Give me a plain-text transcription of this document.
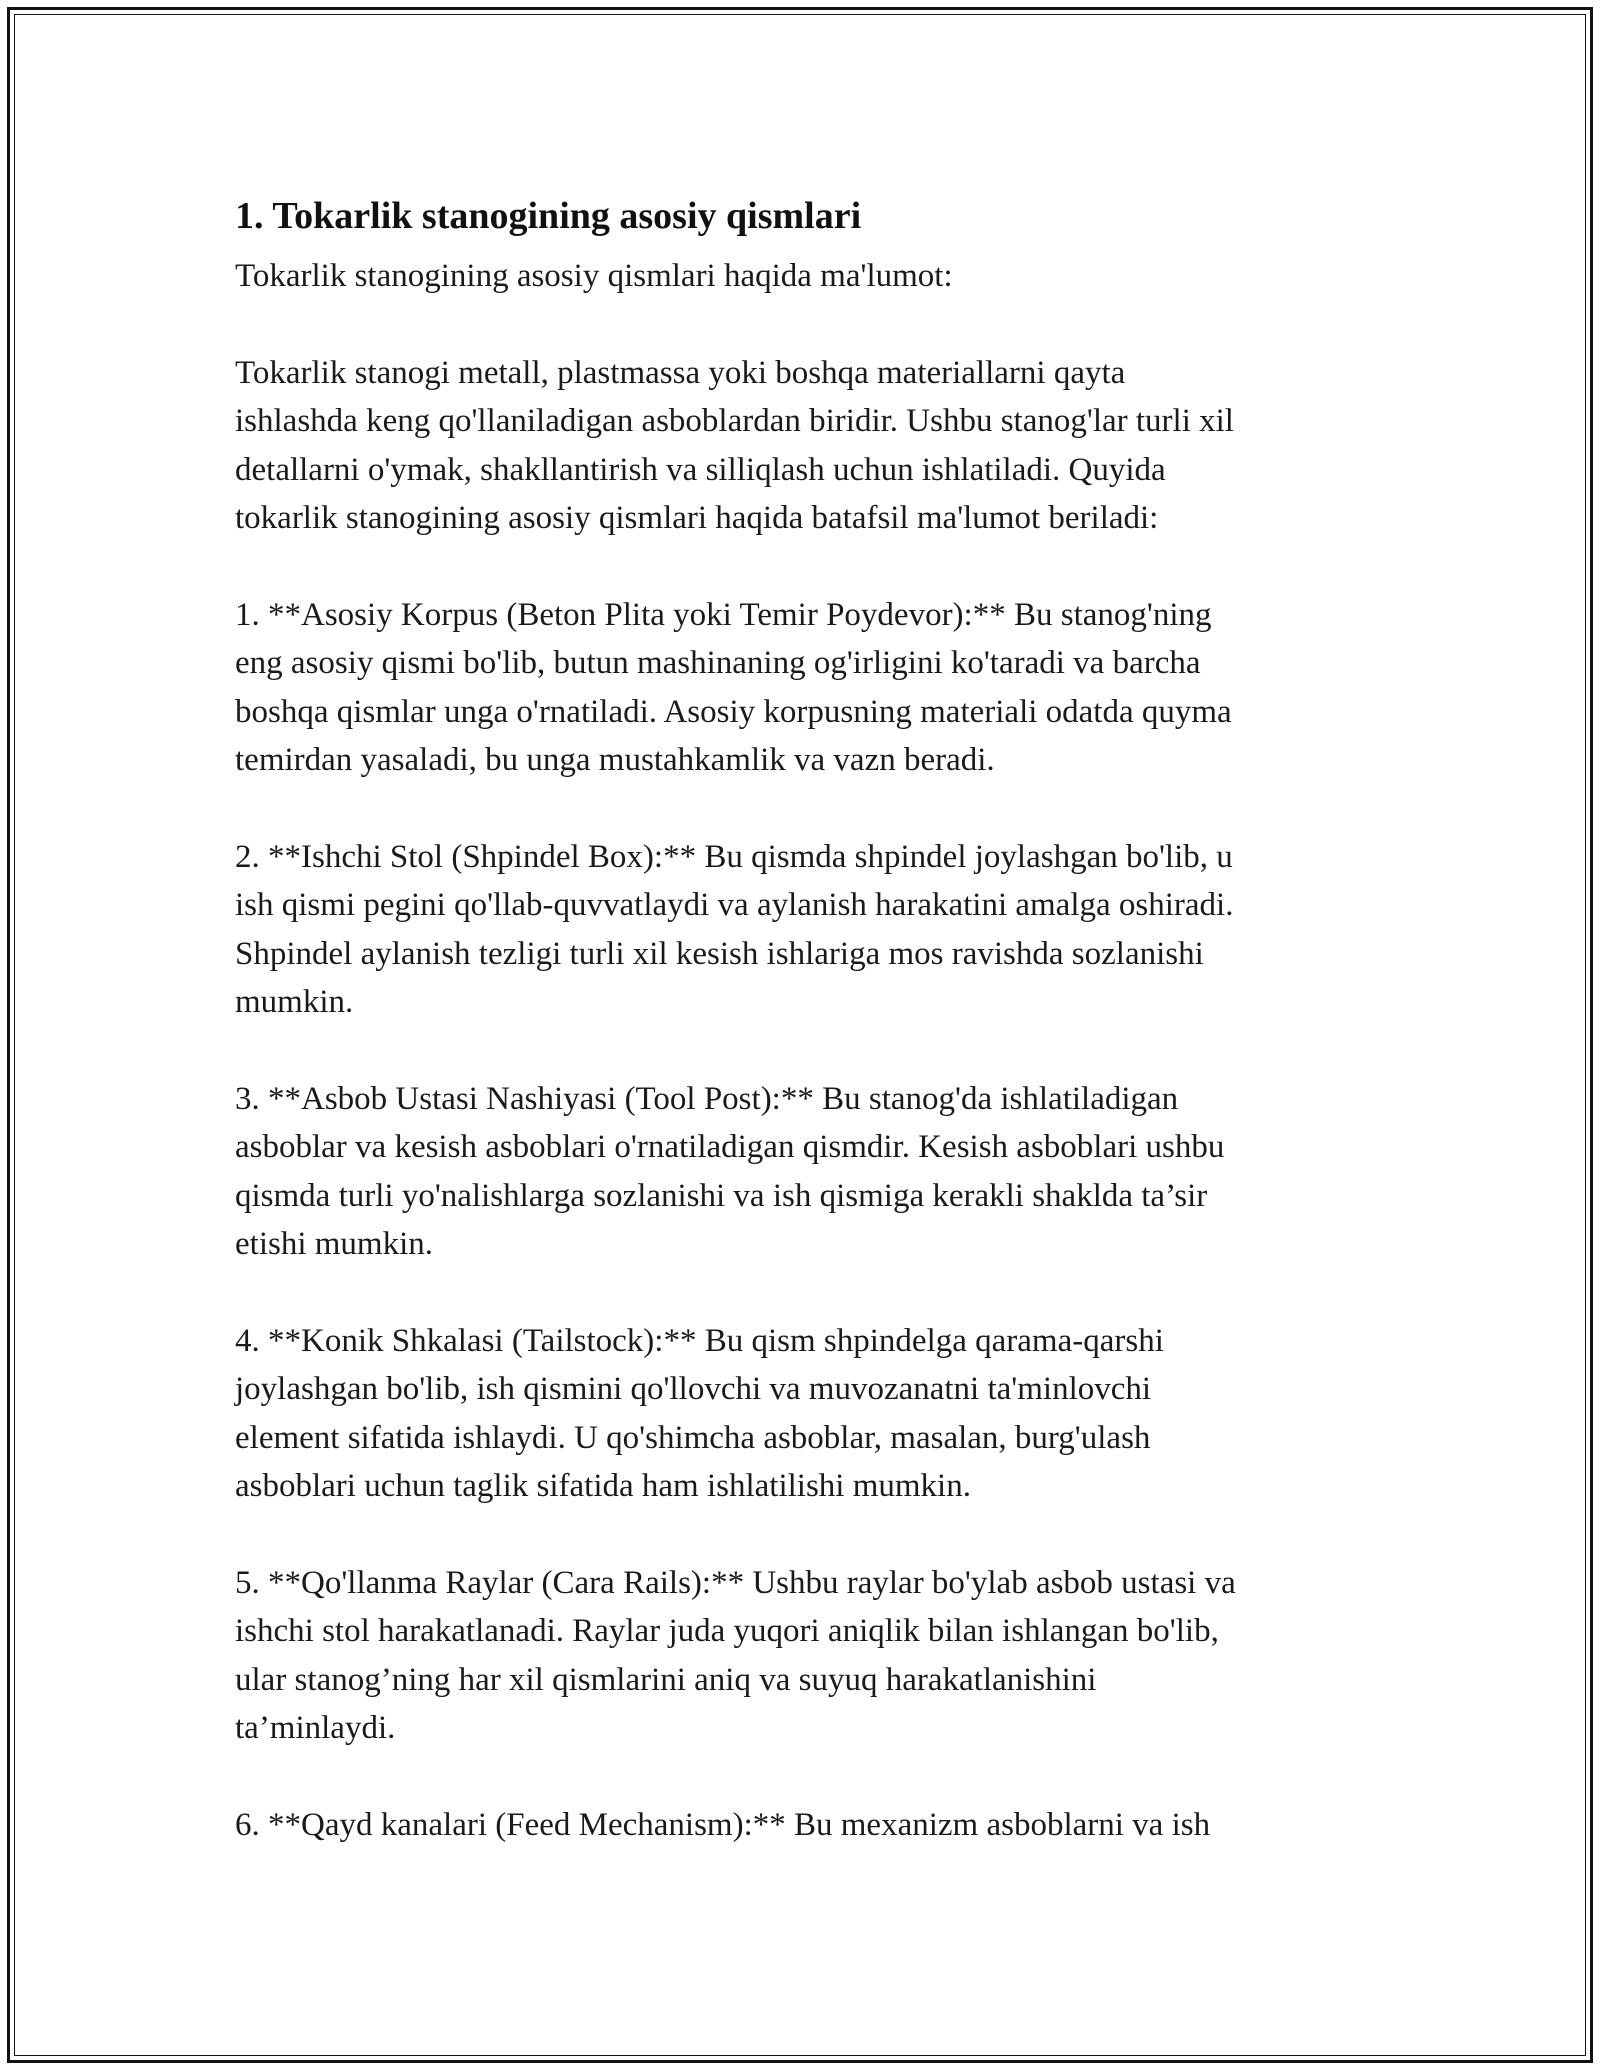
1. Tokarlik stanogining asosiy qismlari

Tokarlik stanogining asosiy qismlari haqida ma'lumot:

Tokarlik stanogi metall, plastmassa yoki boshqa materiallarni qayta
ishlashda keng qo'llaniladigan asboblardan biridir. Ushbu stanog'lar turli xil
detallarni o'ymak, shakllantirish va silliqlash uchun ishlatiladi. Quyida
tokarlik stanogining asosiy qismlari haqida batafsil ma'lumot beriladi:

1. **Asosiy Korpus (Beton Plita yoki Temir Poydevor):** Bu stanog'ning
eng asosiy qismi bo'lib, butun mashinaning og'irligini ko'taradi va barcha
boshqa qismlar unga o'rnatiladi. Asosiy korpusning materiali odatda quyma
temirdan yasaladi, bu unga mustahkamlik va vazn beradi.

2. **Ishchi Stol (Shpindel Box):** Bu qismda shpindel joylashgan bo'lib, u
ish qismi pegini qo'llab-quvvatlaydi va aylanish harakatini amalga oshiradi.
Shpindel aylanish tezligi turli xil kesish ishlariga mos ravishda sozlanishi
mumkin.

3. **Asbob Ustasi Nashiyasi (Tool Post):** Bu stanog'da ishlatiladigan
asboblar va kesish asboblari o'rnatiladigan qismdir. Kesish asboblari ushbu
qismda turli yo'nalishlarga sozlanishi va ish qismiga kerakli shaklda ta’sir
etishi mumkin.

4. **Konik Shkalasi (Tailstock):** Bu qism shpindelga qarama-qarshi
joylashgan bo'lib, ish qismini qo'llovchi va muvozanatni ta'minlovchi
element sifatida ishlaydi. U qo'shimcha asboblar, masalan, burg'ulash
asboblari uchun taglik sifatida ham ishlatilishi mumkin.

5. **Qo'llanma Raylar (Cara Rails):** Ushbu raylar bo'ylab asbob ustasi va
ishchi stol harakatlanadi. Raylar juda yuqori aniqlik bilan ishlangan bo'lib,
ular stanog’ning har xil qismlarini aniq va suyuq harakatlanishini
ta’minlaydi.

6. **Qayd kanalari (Feed Mechanism):** Bu mexanizm asboblarni va ish
